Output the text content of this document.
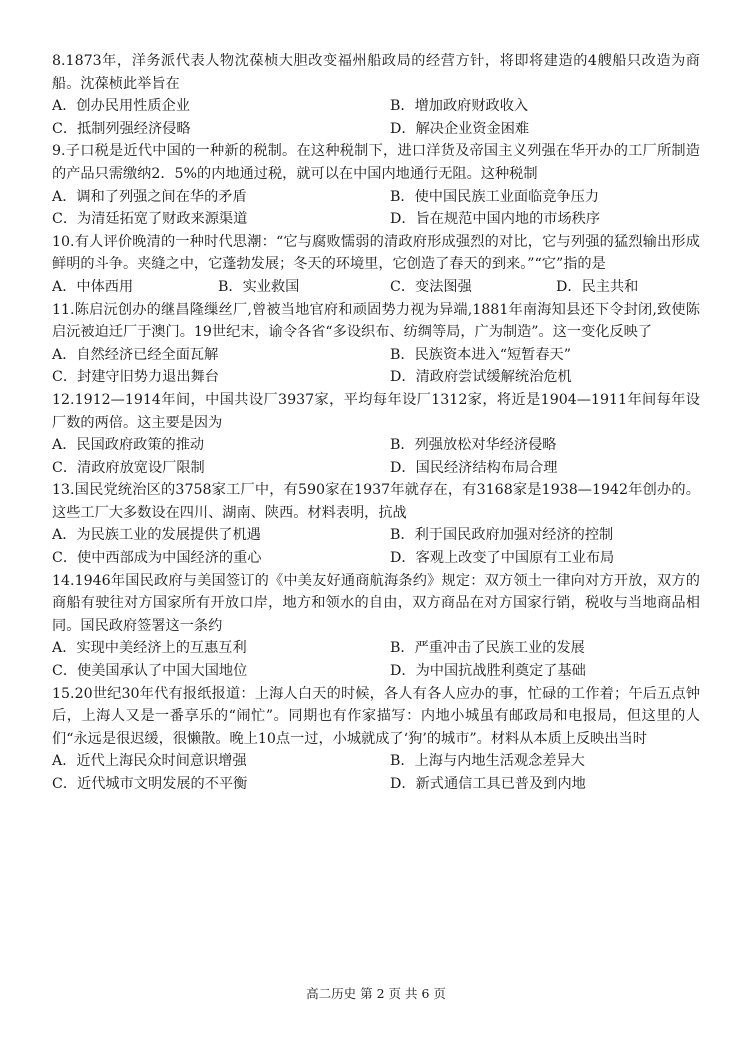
8.1873年，洋务派代表人物沈葆桢大胆改变福州船政局的经营方针，将即将建造的4艘船只改造为商船。沈葆桢此举旨在

A．创办民用性质企业	B．增加政府财政收入
C．抵制列强经济侵略	D．解决企业资金困难

9.子口税是近代中国的一种新的税制。在这种税制下，进口洋货及帝国主义列强在华开办的工厂所制造的产品只需缴纳2．5%的内地通过税，就可以在中国内地通行无阻。这种税制

A．调和了列强之间在华的矛盾	B．使中国民族工业面临竞争压力
C．为清廷拓宽了财政来源渠道	D．旨在规范中国内地的市场秩序

10.有人评价晚清的一种时代思潮：“它与腐败懦弱的清政府形成强烈的对比，它与列强的猛烈输出形成鲜明的斗争。夹缝之中，它蓬勃发展；冬天的环境里，它创造了春天的到来。”“它”指的是

A．中体西用	B．实业救国	C．变法图强	D．民主共和

11.陈启沅创办的继昌隆缫丝厂,曾被当地官府和顽固势力视为异端,1881年南海知县还下令封闭,致使陈启沅被迫迁厂于澳门。19世纪末，谕令各省“多设织布、纺绸等局，广为制造”。这一变化反映了

A．自然经济已经全面瓦解	B．民族资本进入“短暂春天”
C．封建守旧势力退出舞台	D．清政府尝试缓解统治危机

12.1912—1914年间，中国共设厂3937家，平均每年设厂1312家，将近是1904—1911年间每年设厂数的两倍。这主要是因为

A．民国政府政策的推动	B．列强放松对华经济侵略
C．清政府放宽设厂限制	D．国民经济结构布局合理

13.国民党统治区的3758家工厂中，有590家在1937年就存在，有3168家是1938—1942年创办的。这些工厂大多数设在四川、湖南、陕西。材料表明，抗战

A．为民族工业的发展提供了机遇	B．利于国民政府加强对经济的控制
C．使中西部成为中国经济的重心	D．客观上改变了中国原有工业布局

14.1946年国民政府与美国签订的《中美友好通商航海条约》规定：双方领土一律向对方开放，双方的商船有驶往对方国家所有开放口岸，地方和领水的自由，双方商品在对方国家行销，税收与当地商品相同。国民政府签署这一条约

A．实现中美经济上的互惠互利	B．严重冲击了民族工业的发展
C．使美国承认了中国大国地位	D．为中国抗战胜利奠定了基础

15.20世纪30年代有报纸报道：上海人白天的时候，各人有各人应办的事，忙碌的工作着；午后五点钟后，上海人又是一番享乐的“闹忙”。同期也有作家描写：内地小城虽有邮政局和电报局，但这里的人们“永远是很迟缓，很懒散。晚上10点一过，小城就成了‘狗’的城市”。材料从本质上反映出当时

A．近代上海民众时间意识增强	B．上海与内地生活观念差异大
C．近代城市文明发展的不平衡	D．新式通信工具已普及到内地
高二历史 第 2 页 共 6 页
